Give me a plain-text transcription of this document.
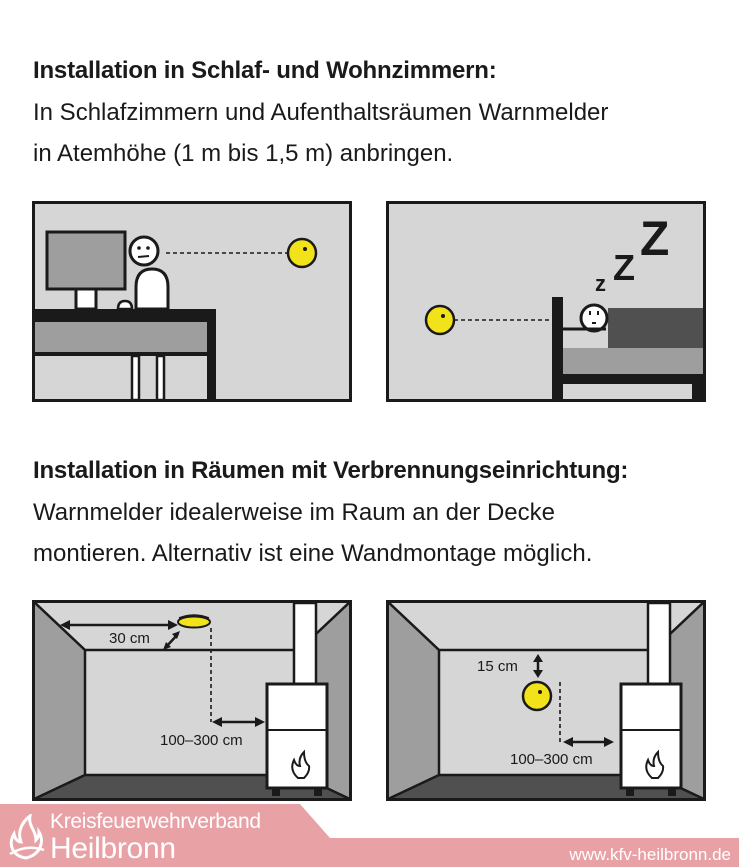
Installation in Schlaf- und Wohnzimmern:

In Schlafzimmern und Aufenthaltsräumen Warnmelder

in Atemhöhe (1 m bis 1,5 m) anbringen.

z Z
Z

Installation in Räumen mit Verbrennungseinrichtung:

Warnmelder idealerweise im Raum an der Decke

montieren. Alternativ ist eine Wandmontage möglich.

30 cm
100–300 cm
15 cm
100–300 cm
Kreisfeuerwehrverband
Heilbronn	www.kfv-heilbronn.de
